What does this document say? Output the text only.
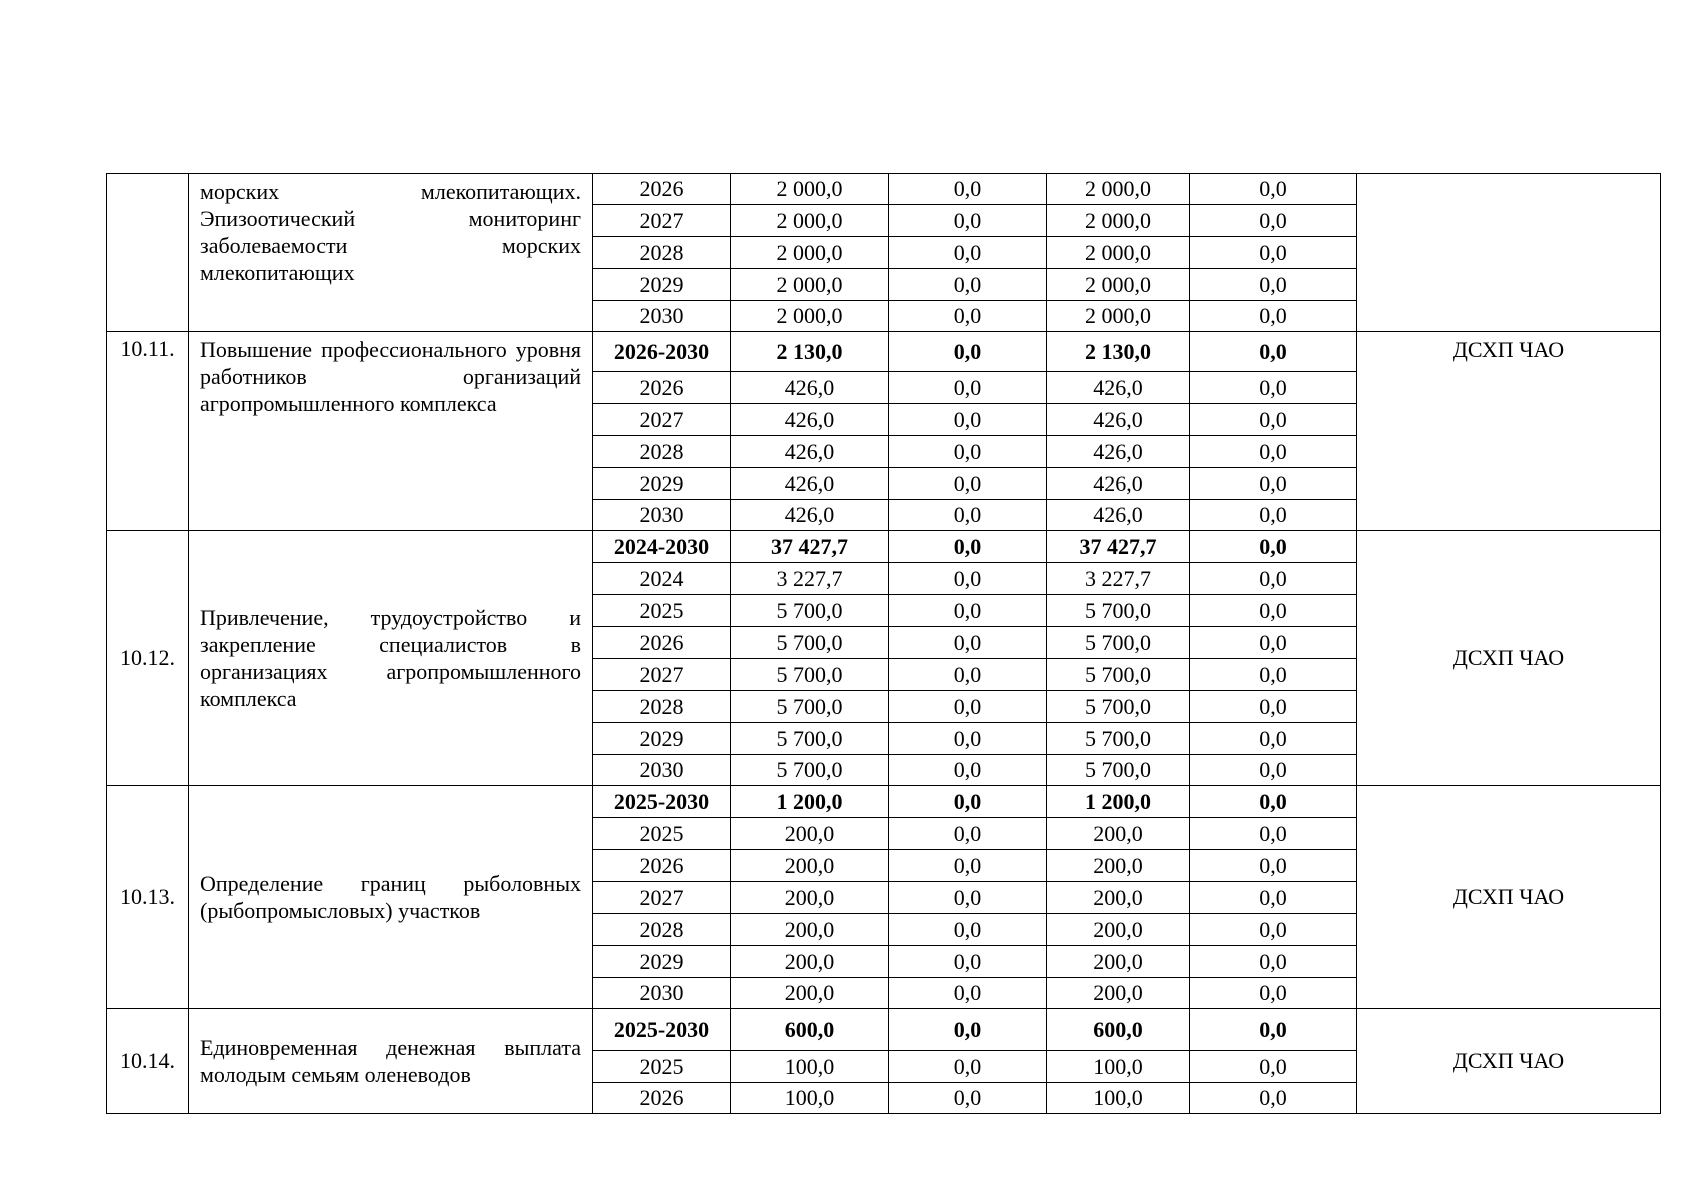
	морских млекопитающих. Эпизоотический мониторинг заболеваемости морских млекопитающих	2026	2 000,0	0,0	2 000,0	0,0	
		2027	2 000,0	0,0	2 000,0	0,0	
		2028	2 000,0	0,0	2 000,0	0,0	
		2029	2 000,0	0,0	2 000,0	0,0	
		2030	2 000,0	0,0	2 000,0	0,0	
10.11.	Повышение профессионального уровня работников организаций агропромышленного комплекса	2026-2030	2 130,0	0,0	2 130,0	0,0	ДСХП ЧАО
		2026	426,0	0,0	426,0	0,0	
		2027	426,0	0,0	426,0	0,0	
		2028	426,0	0,0	426,0	0,0	
		2029	426,0	0,0	426,0	0,0	
		2030	426,0	0,0	426,0	0,0	
10.12.	Привлечение, трудоустройство и закрепление специалистов в организациях агропромышленного комплекса	2024-2030	37 427,7	0,0	37 427,7	0,0	ДСХП ЧАО
		2024	3 227,7	0,0	3 227,7	0,0	
		2025	5 700,0	0,0	5 700,0	0,0	
		2026	5 700,0	0,0	5 700,0	0,0	
		2027	5 700,0	0,0	5 700,0	0,0	
		2028	5 700,0	0,0	5 700,0	0,0	
		2029	5 700,0	0,0	5 700,0	0,0	
		2030	5 700,0	0,0	5 700,0	0,0	
10.13.	Определение границ рыболовных (рыбопромысловых) участков	2025-2030	1 200,0	0,0	1 200,0	0,0	ДСХП ЧАО
		2025	200,0	0,0	200,0	0,0	
		2026	200,0	0,0	200,0	0,0	
		2027	200,0	0,0	200,0	0,0	
		2028	200,0	0,0	200,0	0,0	
		2029	200,0	0,0	200,0	0,0	
		2030	200,0	0,0	200,0	0,0	
10.14.	Единовременная денежная выплата молодым семьям оленеводов	2025-2030	600,0	0,0	600,0	0,0	ДСХП ЧАО
		2025	100,0	0,0	100,0	0,0	
		2026	100,0	0,0	100,0	0,0	
